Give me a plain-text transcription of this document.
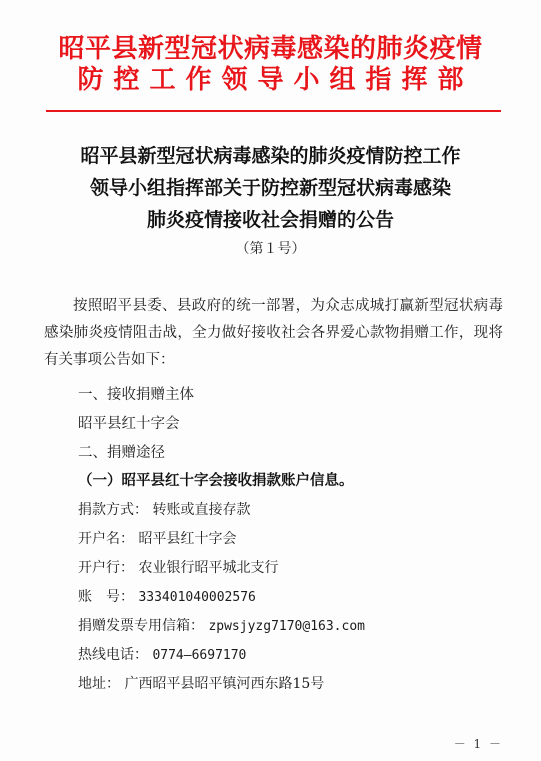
昭平县新型冠状病毒感染的肺炎疫情
防控工作领导小组指挥部
昭平县新型冠状病毒感染的肺炎疫情防控工作
领导小组指挥部关于防控新型冠状病毒感染
肺炎疫情接收社会捐赠的公告
（第１号）

按照昭平县委、县政府的统一部署，为众志成城打赢新型冠状病毒感染肺炎疫情阻击战，全力做好接收社会各界爱心款物捐赠工作，现将有关事项公告如下：

一、接收捐赠主体
昭平县红十字会
二、捐赠途径
（一）昭平县红十字会接收捐款账户信息。
捐款方式： 转账或直接存款
开户名： 昭平县红十字会
开户行： 农业银行昭平城北支行
账　号： 333401040002576
捐赠发票专用信箱： zpwsjyzg7170@163.com
热线电话： 0774—6697170
地址： 广西昭平县昭平镇河西东路15号
－ 1 －
